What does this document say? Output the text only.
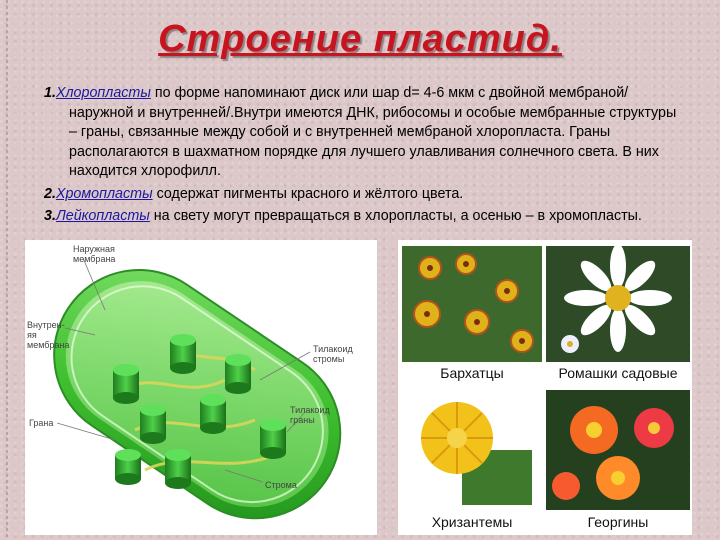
Строение пластид.

1.Хлоропласты по форме напоминают диск или шар d= 4-6 мкм с двойной мембраной/наружной и внутренней/.Внутри имеются ДНК, рибосомы и особые мембранные структуры – граны, связанные между собой и с внутренней мембраной хлоропласта. Граны располагаются в шахматном порядке для лучшего улавливания солнечного света. В них находится хлорофилл.

2.Хромопласты содержат пигменты красного и жёлтого цвета.

3.Лейкопласты на свету могут превращаться в хлоропласты, а осенью – в хромопласты.

Наружная мембрана
Внутрен-яя мембрана	Тилакоид стромы
Тилакоид граны
Грана
Строма
Бархатцы	Ромашки садовые
Хризантемы	Георгины
